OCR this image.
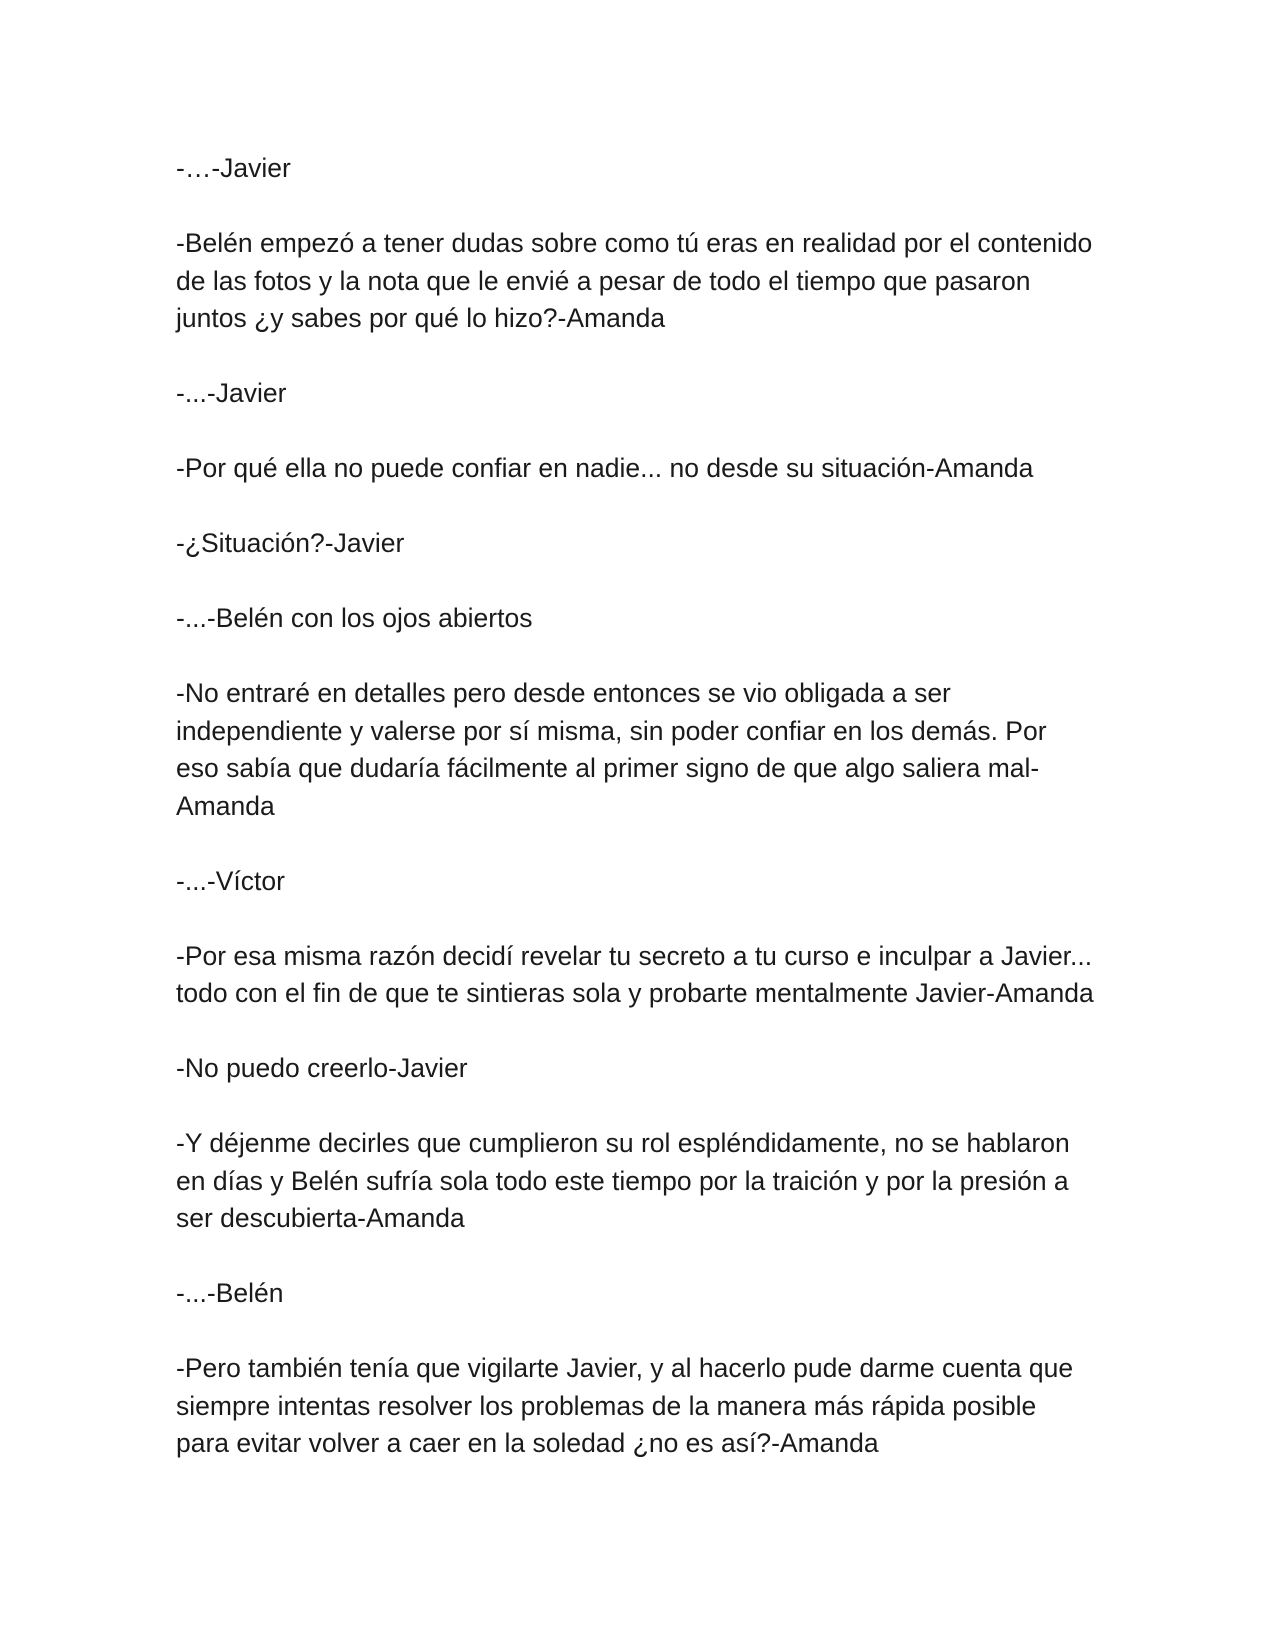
-…-Javier

-Belén empezó a tener dudas sobre como tú eras en realidad por el contenido de las fotos y la nota que le envié a pesar de todo el tiempo que pasaron juntos ¿y sabes por qué lo hizo?-Amanda

-...-Javier

-Por qué ella no puede confiar en nadie... no desde su situación-Amanda

-¿Situación?-Javier

-...-Belén con los ojos abiertos

-No entraré en detalles pero desde entonces se vio obligada a ser independiente y valerse por sí misma, sin poder confiar en los demás. Por eso sabía que dudaría fácilmente al primer signo de que algo saliera mal-Amanda

-...-Víctor

-Por esa misma razón decidí revelar tu secreto a tu curso e inculpar a Javier... todo con el fin de que te sintieras sola y probarte mentalmente Javier-Amanda

-No puedo creerlo-Javier

-Y déjenme decirles que cumplieron su rol espléndidamente, no se hablaron en días y Belén sufría sola todo este tiempo por la traición y por la presión a ser descubierta-Amanda

-...-Belén

-Pero también tenía que vigilarte Javier, y al hacerlo pude darme cuenta que siempre intentas resolver los problemas de la manera más rápida posible para evitar volver a caer en la soledad ¿no es así?-Amanda
